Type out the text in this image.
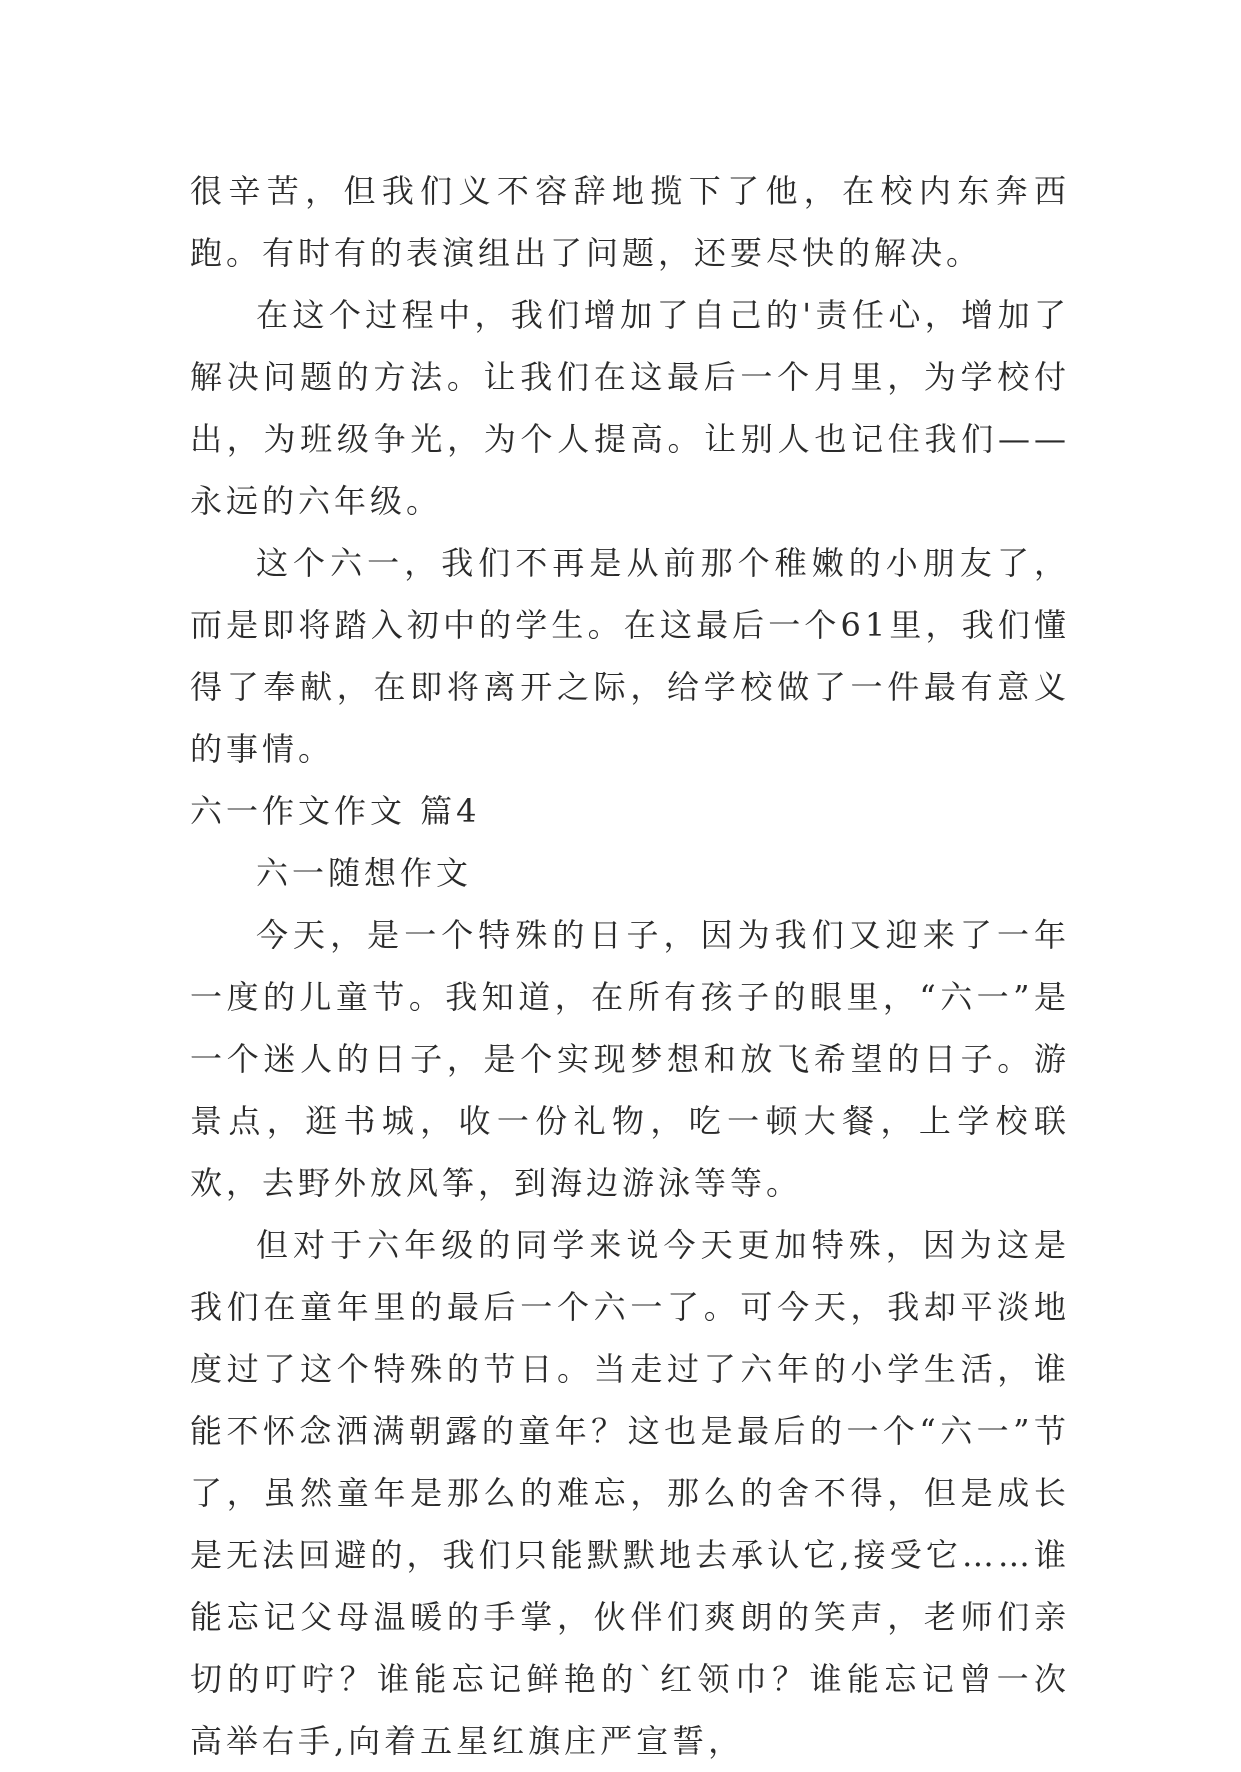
很辛苦，但我们义不容辞地揽下了他，在校内东奔西跑。有时有的表演组出了问题，还要尽快的解决。

在这个过程中，我们增加了自己的'责任心，增加了解决问题的方法。让我们在这最后一个月里，为学校付出，为班级争光，为个人提高。让别人也记住我们——永远的六年级。

这个六一，我们不再是从前那个稚嫩的小朋友了，而是即将踏入初中的学生。在这最后一个61里，我们懂得了奉献，在即将离开之际，给学校做了一件最有意义的事情。

六一作文作文 篇4

六一随想作文

今天，是一个特殊的日子，因为我们又迎来了一年一度的儿童节。我知道，在所有孩子的眼里，“六一”是一个迷人的日子，是个实现梦想和放飞希望的日子。游景点，逛书城，收一份礼物，吃一顿大餐，上学校联欢，去野外放风筝，到海边游泳等等。

但对于六年级的同学来说今天更加特殊，因为这是我们在童年里的最后一个六一了。可今天，我却平淡地度过了这个特殊的节日。当走过了六年的小学生活，谁能不怀念洒满朝露的童年？这也是最后的一个“六一”节了，虽然童年是那么的难忘，那么的舍不得，但是成长是无法回避的，我们只能默默地去承认它,接受它……谁能忘记父母温暖的手掌，伙伴们爽朗的笑声，老师们亲切的叮咛？谁能忘记鲜艳的`红领巾？谁能忘记曾一次高举右手,向着五星红旗庄严宣誓，
